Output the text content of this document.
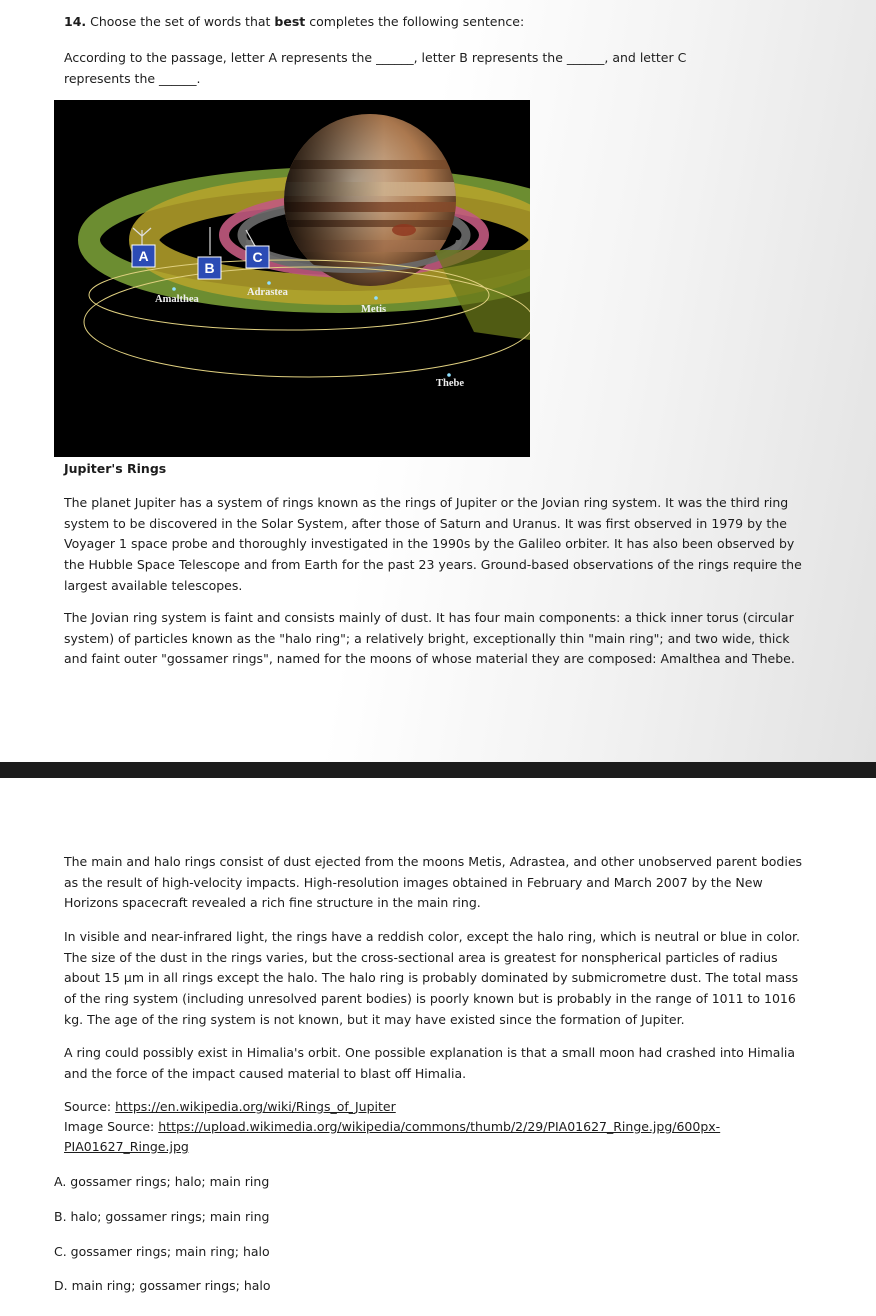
14. Choose the set of words that best completes the following sentence:
According to the passage, letter A represents the ______, letter B represents the ______, and letter C
represents the ______.
A
B
C
Amalthea
Adrastea
Metis
Thebe
Jupiter's Rings

The planet Jupiter has a system of rings known as the rings of Jupiter or the Jovian ring system. It was the third ring system to be discovered in the Solar System, after those of Saturn and Uranus. It was first observed in 1979 by the Voyager 1 space probe and thoroughly investigated in the 1990s by the Galileo orbiter. It has also been observed by the Hubble Space Telescope and from Earth for the past 23 years. Ground-based observations of the rings require the largest available telescopes.

The Jovian ring system is faint and consists mainly of dust. It has four main components: a thick inner torus (circular system) of particles known as the "halo ring"; a relatively bright, exceptionally thin "main ring"; and two wide, thick and faint outer "gossamer rings", named for the moons of whose material they are composed: Amalthea and Thebe.

The main and halo rings consist of dust ejected from the moons Metis, Adrastea, and other unobserved parent bodies as the result of high-velocity impacts. High-resolution images obtained in February and March 2007 by the New Horizons spacecraft revealed a rich fine structure in the main ring.

In visible and near-infrared light, the rings have a reddish color, except the halo ring, which is neutral or blue in color. The size of the dust in the rings varies, but the cross-sectional area is greatest for nonspherical particles of radius about 15 μm in all rings except the halo. The halo ring is probably dominated by submicrometre dust. The total mass of the ring system (including unresolved parent bodies) is poorly known but is probably in the range of 1011 to 1016 kg. The age of the ring system is not known, but it may have existed since the formation of Jupiter.

A ring could possibly exist in Himalia's orbit. One possible explanation is that a small moon had crashed into Himalia and the force of the impact caused material to blast off Himalia.

Source: https://en.wikipedia.org/wiki/Rings_of_Jupiter
Image Source: https://upload.wikimedia.org/wikipedia/commons/thumb/2/29/PIA01627_Ringe.jpg/600px-
PIA01627_Ringe.jpg
A. gossamer rings; halo; main ring
B. halo; gossamer rings; main ring
C. gossamer rings; main ring; halo
D. main ring; gossamer rings; halo
